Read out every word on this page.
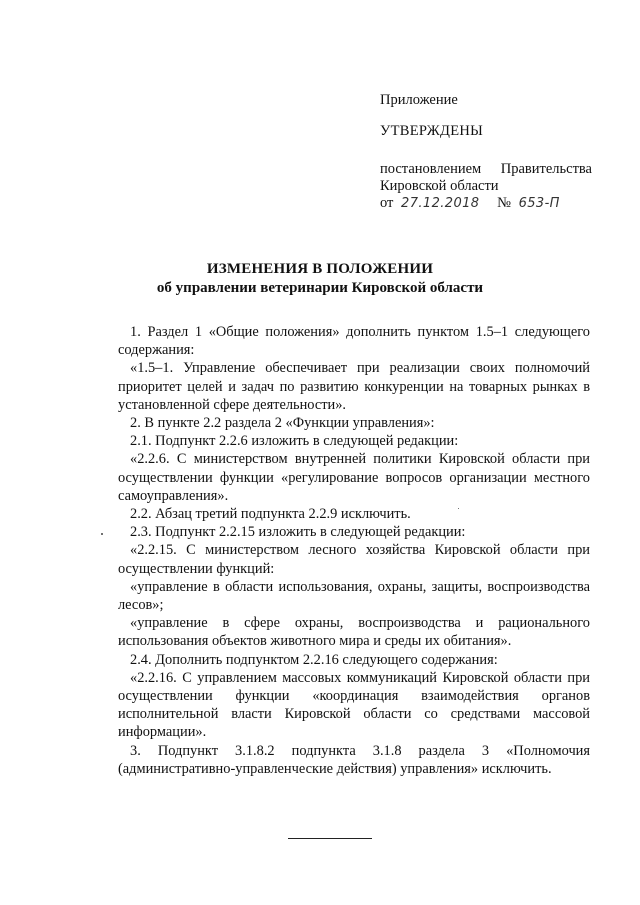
Приложение
УТВЕРЖДЕНЫ
постановлением Правительства
Кировской области
от 27.12.2018 № 653-П
ИЗМЕНЕНИЯ В ПОЛОЖЕНИИ
об управлении ветеринарии Кировской области

1. Раздел 1 «Общие положения» дополнить пунктом 1.5–1 следующего содержания:

«1.5–1. Управление обеспечивает при реализации своих полномочий приоритет целей и задач по развитию конкуренции на товарных рынках в установленной сфере деятельности».

2. В пункте 2.2 раздела 2 «Функции управления»:

2.1. Подпункт 2.2.6 изложить в следующей редакции:

«2.2.6. С министерством внутренней политики Кировской области при осуществлении функции «регулирование вопросов организации местного самоуправления».

2.2. Абзац третий подпункта 2.2.9 исключить.

2.3. Подпункт 2.2.15 изложить в следующей редакции:

«2.2.15. С министерством лесного хозяйства Кировской области при осуществлении функций:

«управление в области использования, охраны, защиты, воспроизводства лесов»;

«управление в сфере охраны, воспроизводства и рационального использования объектов животного мира и среды их обитания».

2.4. Дополнить подпунктом 2.2.16 следующего содержания:

«2.2.16. С управлением массовых коммуникаций Кировской области при осуществлении функции «координация взаимодействия органов исполнительной власти Кировской области со средствами массовой информации».

3. Подпункт 3.1.8.2 подпункта 3.1.8 раздела 3 «Полномочия (административно-управленческие действия) управления» исключить.
